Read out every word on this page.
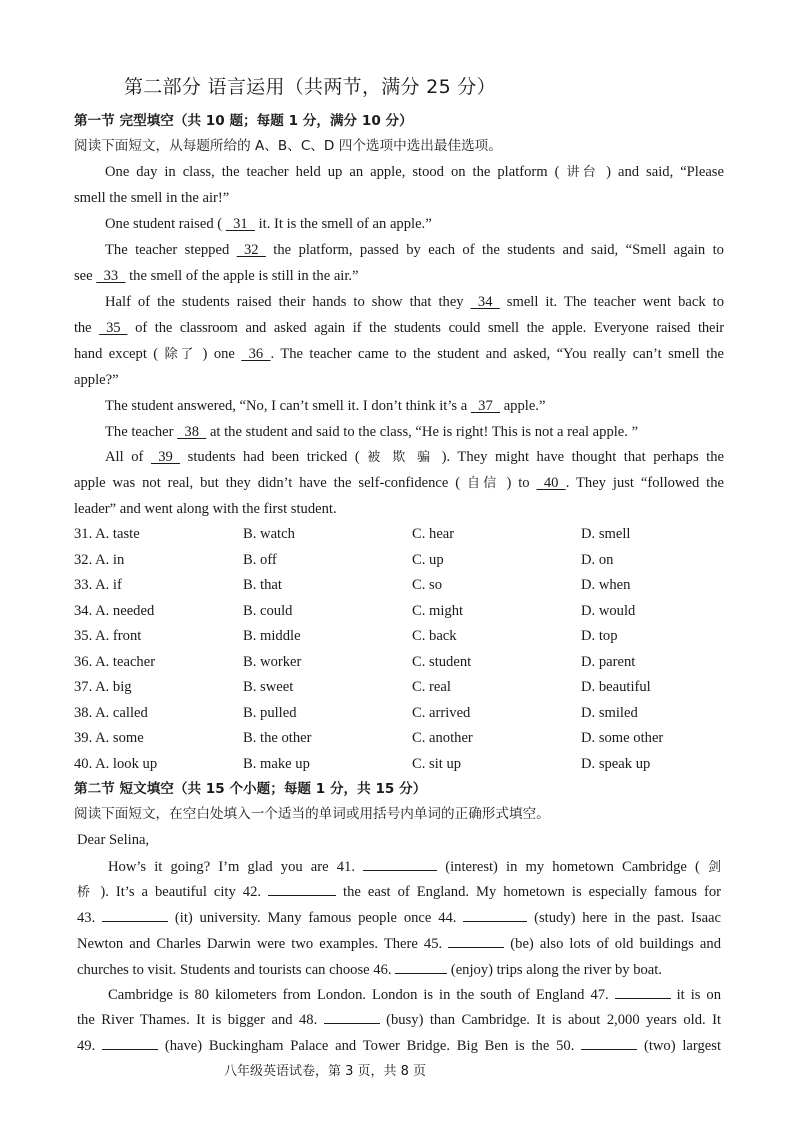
第二部分 语言运用（共两节，满分 25 分）
第一节 完型填空（共 10 题；每题 1 分，满分 10 分）
阅读下面短文，从每题所给的 A、B、C、D 四个选项中选出最佳选项。
One day in class, the teacher held up an apple, stood on the platform ( 讲台 ) and said, “Please
smell the smell in the air!”
One student raised (   31   it. It is the smell of an apple.”
The teacher stepped   32   the platform, passed by each of the students and said, “Smell again to
see   33   the smell of the apple is still in the air.”
Half of the students raised their hands to show that they   34   smell it. The teacher went back to
the   35   of the classroom and asked again if the students could smell the apple. Everyone raised their
hand except ( 除了 ) one   36  . The teacher came to the student and asked, “You really can’t smell the
apple?”
The student answered, “No, I can’t smell it. I don’t think it’s a   37   apple.”
The teacher   38   at the student and said to the class, “He is right! This is not a real apple. ”
All of   39   students had been tricked ( 被 欺 骗 ). They might have thought that perhaps the
apple was not real, but they didn’t have the self-confidence ( 自信 ) to   40  . They just “followed the
leader” and went along with the first student.
31. A. taste	B. watch	C. hear	D. smell
32. A. in	B. off	C. up	D. on
33. A. if	B. that	C. so	D. when
34. A. needed	B. could	C. might	D. would
35. A. front	B. middle	C. back	D. top
36. A. teacher	B. worker	C. student	D. parent
37. A. big	B. sweet	C. real	D. beautiful
38. A. called	B. pulled	C. arrived	D. smiled
39. A. some	B. the other	C. another	D. some other
40. A. look up	B. make up	C. sit up	D. speak up
第二节 短文填空（共 15 个小题；每题 1 分，共 15 分）
阅读下面短文，在空白处填入一个适当的单词或用括号内单词的正确形式填空。
Dear Selina,
How’s it going? I’m glad you are 41.	(interest) in my hometown Cambridge ( 剑
桥 ). It’s a beautiful city 42.	the east of England. My hometown is especially famous for
43.	(it) university. Many famous people once 44.	(study) here in the past. Isaac
Newton and Charles Darwin were two examples. There 45.	(be) also lots of old buildings and
churches to visit. Students and tourists can choose 46.	(enjoy) trips along the river by boat.
Cambridge is 80 kilometers from London. London is in the south of England 47.	it is on
the River Thames. It is bigger and 48.	(busy) than Cambridge. It is about 2,000 years old. It
49.	(have) Buckingham Palace and Tower Bridge. Big Ben is the 50.	(two) largest
八年级英语试卷，第 3 页，共 8 页
